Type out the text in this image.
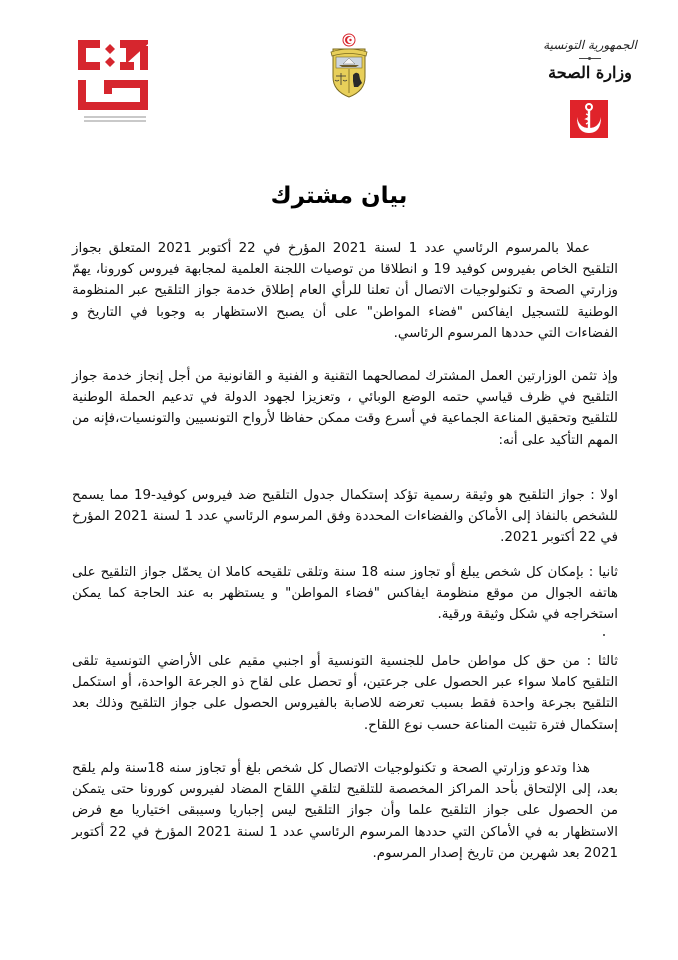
الجمهورية التونسية
وزارة الصحة
بيان مشترك

عملا بالمرسوم الرئاسي عدد 1 لسنة 2021 المؤرخ في 22 أكتوبر 2021 المتعلق بجواز التلقيح الخاص بفيروس كوفيد 19 و انطلاقا من توصيات اللجنة العلمية لمجابهة فيروس كورونا، يهمّ وزارتي الصحة و تكنولوجيات الاتصال أن تعلنا للرأي العام إطلاق خدمة جواز التلقيح عبر المنظومة الوطنية للتسجيل ايفاكس "فضاء المواطن" على أن يصبح الاستظهار به وجوبا في التاريخ و الفضاءات التي حددها المرسوم الرئاسي.

وإذ تثمن الوزارتين العمل المشترك لمصالحهما التقنية و الفنية و القانونية من أجل إنجاز خدمة جواز التلقيح في ظرف قياسي حتمه الوضع الوبائي ، وتعزيزا لجهود الدولة في تدعيم الحملة الوطنية للتلقيح وتحقيق المناعة الجماعية في أسرع وقت ممكن حفاظا لأرواح التونسيين والتونسيات،فإنه من المهم التأكيد على أنه:

اولا : جواز التلقيح هو وثيقة رسمية تؤكد إستكمال جدول التلقيح ضد فيروس كوفيد-19 مما يسمح للشخص بالنفاذ إلى الأماكن والفضاءات المحددة وفق المرسوم الرئاسي عدد 1 لسنة 2021 المؤرخ في 22 أكتوبر 2021.

ثانيا : بإمكان كل شخص يبلغ أو تجاوز سنه 18 سنة وتلقى تلقيحه كاملا ان يحمّل جواز التلقيح على هاتفه الجوال من موقع منظومة ايفاكس "فضاء المواطن" و يستظهر به عند الحاجة كما يمكن استخراجه في شكل وثيقة ورقية.

ثالثا : من حق كل مواطن حامل للجنسية التونسية أو اجنبي مقيم على الأراضي التونسية تلقى التلقيح كاملا سواء عبر الحصول على جرعتين، أو تحصل على لقاح ذو الجرعة الواحدة، أو استكمل التلقيح بجرعة واحدة فقط بسبب تعرضه للاصابة بالفيروس الحصول على جواز التلقيح وذلك بعد إستكمال فترة تثبيت المناعة حسب نوع اللقاح.

هذا وتدعو وزارتي الصحة و تكنولوجيات الاتصال كل شخص بلغ أو تجاوز سنه 18سنة ولم يلقح بعد، إلى الإلتحاق بأحد المراكز المخصصة للتلقيح لتلقي اللقاح المضاد لفيروس كورونا حتى يتمكن من الحصول على جواز التلقيح علما وأن جواز التلقيح ليس إجباريا وسيبقى اختياريا مع فرض الاستظهار به في الأماكن التي حددها المرسوم الرئاسي عدد 1 لسنة 2021 المؤرخ في 22 أكتوبر 2021 بعد شهرين من تاريخ إصدار المرسوم.
